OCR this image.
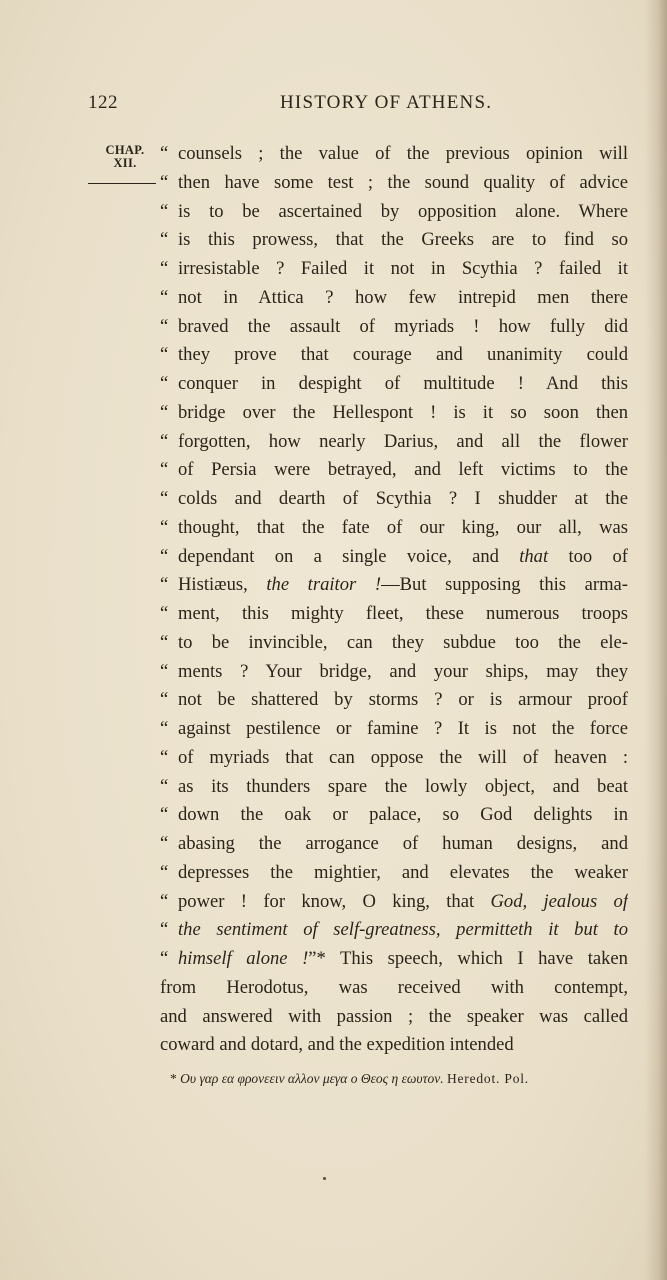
122	HISTORY OF ATHENS.
CHAP.
XII.	“ counsels ; the value of the previous opinion will
“ then have some test ; the sound quality of advice
“ is to be ascertained by opposition alone. Where
“ is this prowess, that the Greeks are to find so
“ irresistable ? Failed it not in Scythia ? failed it
“ not in Attica ? how few intrepid men there
“ braved the assault of myriads ! how fully did
“ they prove that courage and unanimity could
“ conquer in despight of multitude ! And this
“ bridge over the Hellespont ! is it so soon then
“ forgotten, how nearly Darius, and all the flower
“ of Persia were betrayed, and left victims to the
“ colds and dearth of Scythia ? I shudder at the
“ thought, that the fate of our king, our all, was
“ dependant on a single voice, and that too of
“ Histiæus, the traitor !—But supposing this arma-
“ ment, this mighty fleet, these numerous troops
“ to be invincible, can they subdue too the ele-
“ ments ? Your bridge, and your ships, may they
“ not be shattered by storms ? or is armour proof
“ against pestilence or famine ? It is not the force
“ of myriads that can oppose the will of heaven :
“ as its thunders spare the lowly object, and beat
“ down the oak or palace, so God delights in
“ abasing the arrogance of human designs, and
“ depresses the mightier, and elevates the weaker
“ power ! for know, O king, that God, jealous of
“ the sentiment of self-greatness, permitteth it but to
“ himself alone !”* This speech, which I have taken
from Herodotus, was received with contempt,
and answered with passion ; the speaker was called
coward and dotard, and the expedition intended
* Ου γαρ εα φρονεειν αλλον μεγα ο Θεος η εωυτον. Heredot. Pol.
